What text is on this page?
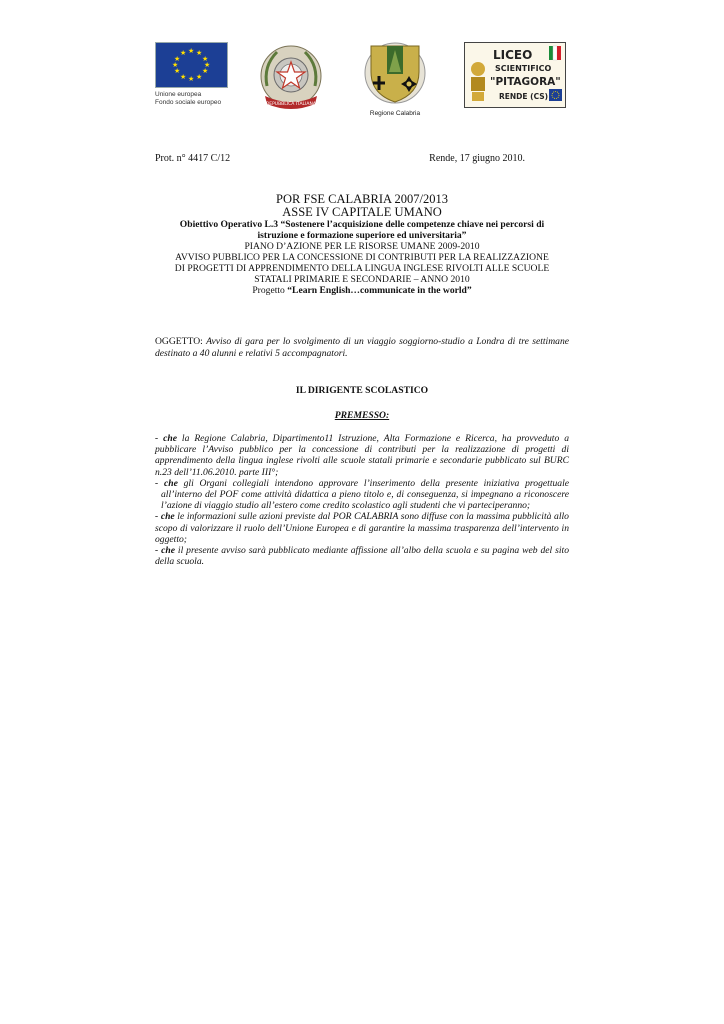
★ ★
★
★
★
★
★
★
★
★
★
★
Unione europea
Fondo sociale europeo	REPUBBLICA ITALIANA
Regione Calabria
LICEO
SCIENTIFICO
"PITAGORA"
RENDE (CS)
Prot. n° 4417 C/12	Rende, 17 giugno 2010.
POR FSE CALABRIA 2007/2013
ASSE IV CAPITALE UMANO
Obiettivo Operativo L.3 “Sostenere l’acquisizione delle competenze chiave nei percorsi di
istruzione e formazione superiore ed universitaria”
PIANO D’AZIONE PER LE RISORSE UMANE 2009-2010
AVVISO PUBBLICO PER LA CONCESSIONE DI CONTRIBUTI PER LA REALIZZAZIONE
DI PROGETTI DI APPRENDIMENTO DELLA LINGUA INGLESE RIVOLTI ALLE SCUOLE
STATALI PRIMARIE E SECONDARIE – ANNO 2010
Progetto “Learn English…communicate in the world”
OGGETTO: Avviso di gara per lo svolgimento di un viaggio soggiorno-studio a Londra di tre settimane destinato a 40 alunni e relativi 5 accompagnatori.
IL DIRIGENTE SCOLASTICO
PREMESSO:

- che la Regione Calabria, Dipartimento11 Istruzione, Alta Formazione e Ricerca, ha provveduto a pubblicare l’Avviso pubblico per la concessione di contributi per la realizzazione di progetti di apprendimento della lingua inglese rivolti alle scuole statali primarie e secondarie pubblicato sul BURC n.23 dell’11.06.2010. parte III°;

- che gli Organi collegiali intendono approvare l’inserimento della presente iniziativa progettuale all’interno del POF come attività didattica a pieno titolo e, di conseguenza, si impegnano a riconoscere l’azione di viaggio studio all’estero come credito scolastico agli studenti che vi parteciperanno;

- che le informazioni sulle azioni previste dal POR CALABRIA sono diffuse con la massima pubblicità allo scopo di valorizzare il ruolo dell’Unione Europea e di garantire la massima trasparenza dell’intervento in oggetto;

- che il presente avviso sarà pubblicato mediante affissione all’albo della scuola e su pagina web del sito della scuola.
